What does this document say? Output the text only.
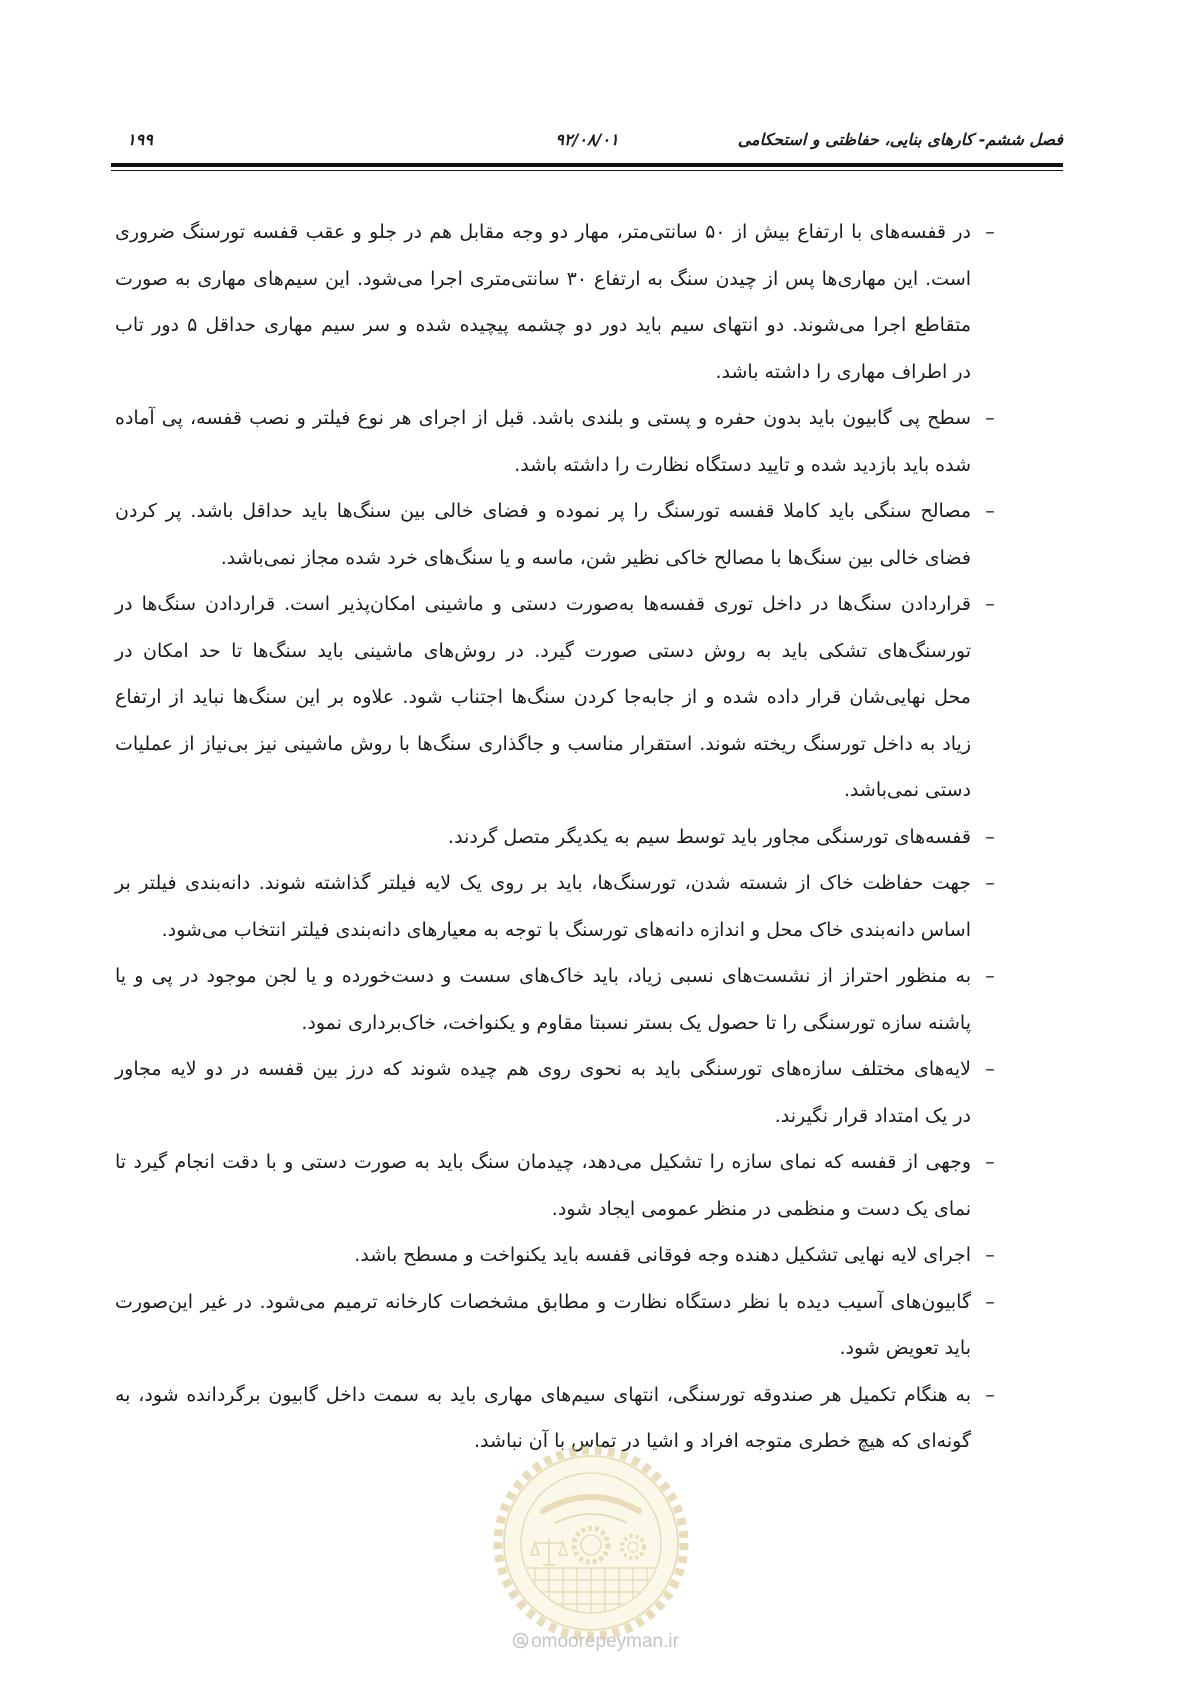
فصل ششم- کارهای بنایی، حفاظتی و استحکامی
۹۲/۰۸/۰۱
۱۹۹
–
در قفسه‌های با ارتفاع بیش از ۵۰ سانتی‌متر، مهار دو وجه مقابل هم در جلو و عقب قفسه تورسنگ ضروری
است. این مهاری‌ها پس از چیدن سنگ به ارتفاع ۳۰ سانتی‌متری اجرا می‌شود. این سیم‌های مهاری به صورت
متقاطع اجرا می‌شوند. دو انتهای سیم باید دور دو چشمه پیچیده شده و سر سیم مهاری حداقل ۵ دور تاب
در اطراف مهاری را داشته باشد.
–
سطح پی گابیون باید بدون حفره و پستی و بلندی باشد. قبل از اجرای هر نوع فیلتر و نصب قفسه، پی آماده
شده باید بازدید شده و تایید دستگاه نظارت را داشته باشد.
–
مصالح سنگی باید کاملا قفسه تورسنگ را پر نموده و فضای خالی بین سنگ‌ها باید حداقل باشد. پر کردن
فضای خالی بین سنگ‌ها با مصالح خاکی نظیر شن، ماسه و یا سنگ‌های خرد شده مجاز نمی‌باشد.
–
قراردادن سنگ‌ها در داخل توری قفسه‌ها به‌صورت دستی و ماشینی امکان‌پذیر است. قراردادن سنگ‌ها در
تورسنگ‌های تشکی باید به روش دستی صورت گیرد. در روش‌های ماشینی باید سنگ‌ها تا حد امکان در
محل نهایی‌شان قرار داده شده و از جابه‌جا کردن سنگ‌ها اجتناب شود. علاوه بر این سنگ‌ها نباید از ارتفاع
زیاد به داخل تورسنگ ریخته شوند. استقرار مناسب و جاگذاری سنگ‌ها با روش ماشینی نیز بی‌نیاز از عملیات
دستی نمی‌باشد.
–
قفسه‌های تورسنگی مجاور باید توسط سیم به یکدیگر متصل گردند.
–
جهت حفاظت خاک از شسته شدن، تورسنگ‌ها، باید بر روی یک لایه فیلتر گذاشته شوند. دانه‌بندی فیلتر بر
اساس دانه‌بندی خاک محل و اندازه دانه‌های تورسنگ با توجه به معیارهای دانه‌بندی فیلتر انتخاب می‌شود.
–
به منظور احتراز از نشست‌های نسبی زیاد، باید خاک‌های سست و دست‌خورده و یا لجن موجود در پی و یا
پاشنه سازه تورسنگی را تا حصول یک بستر نسبتا مقاوم و یکنواخت، خاک‌برداری نمود.
–
لایه‌های مختلف سازه‌های تورسنگی باید به نحوی روی هم چیده شوند که درز بین قفسه در دو لایه مجاور
در یک امتداد قرار نگیرند.
–
وجهی از قفسه که نمای سازه را تشکیل می‌دهد، چیدمان سنگ باید به صورت دستی و با دقت انجام گیرد تا
نمای یک دست و منظمی در منظر عمومی ایجاد شود.
–
اجرای لایه نهایی تشکیل دهنده وجه فوقانی قفسه باید یکنواخت و مسطح باشد.
–
گابیون‌های آسیب دیده با نظر دستگاه نظارت و مطابق مشخصات کارخانه ترمیم می‌شود. در غیر این‌صورت
باید تعویض شود.
–
به هنگام تکمیل هر صندوقه تورسنگی، انتهای سیم‌های مهاری باید به سمت داخل گابیون برگردانده شود، به
گونه‌ای که هیچ خطری متوجه افراد و اشیا در تماس با آن نباشد.
omoorepeyman.ir
